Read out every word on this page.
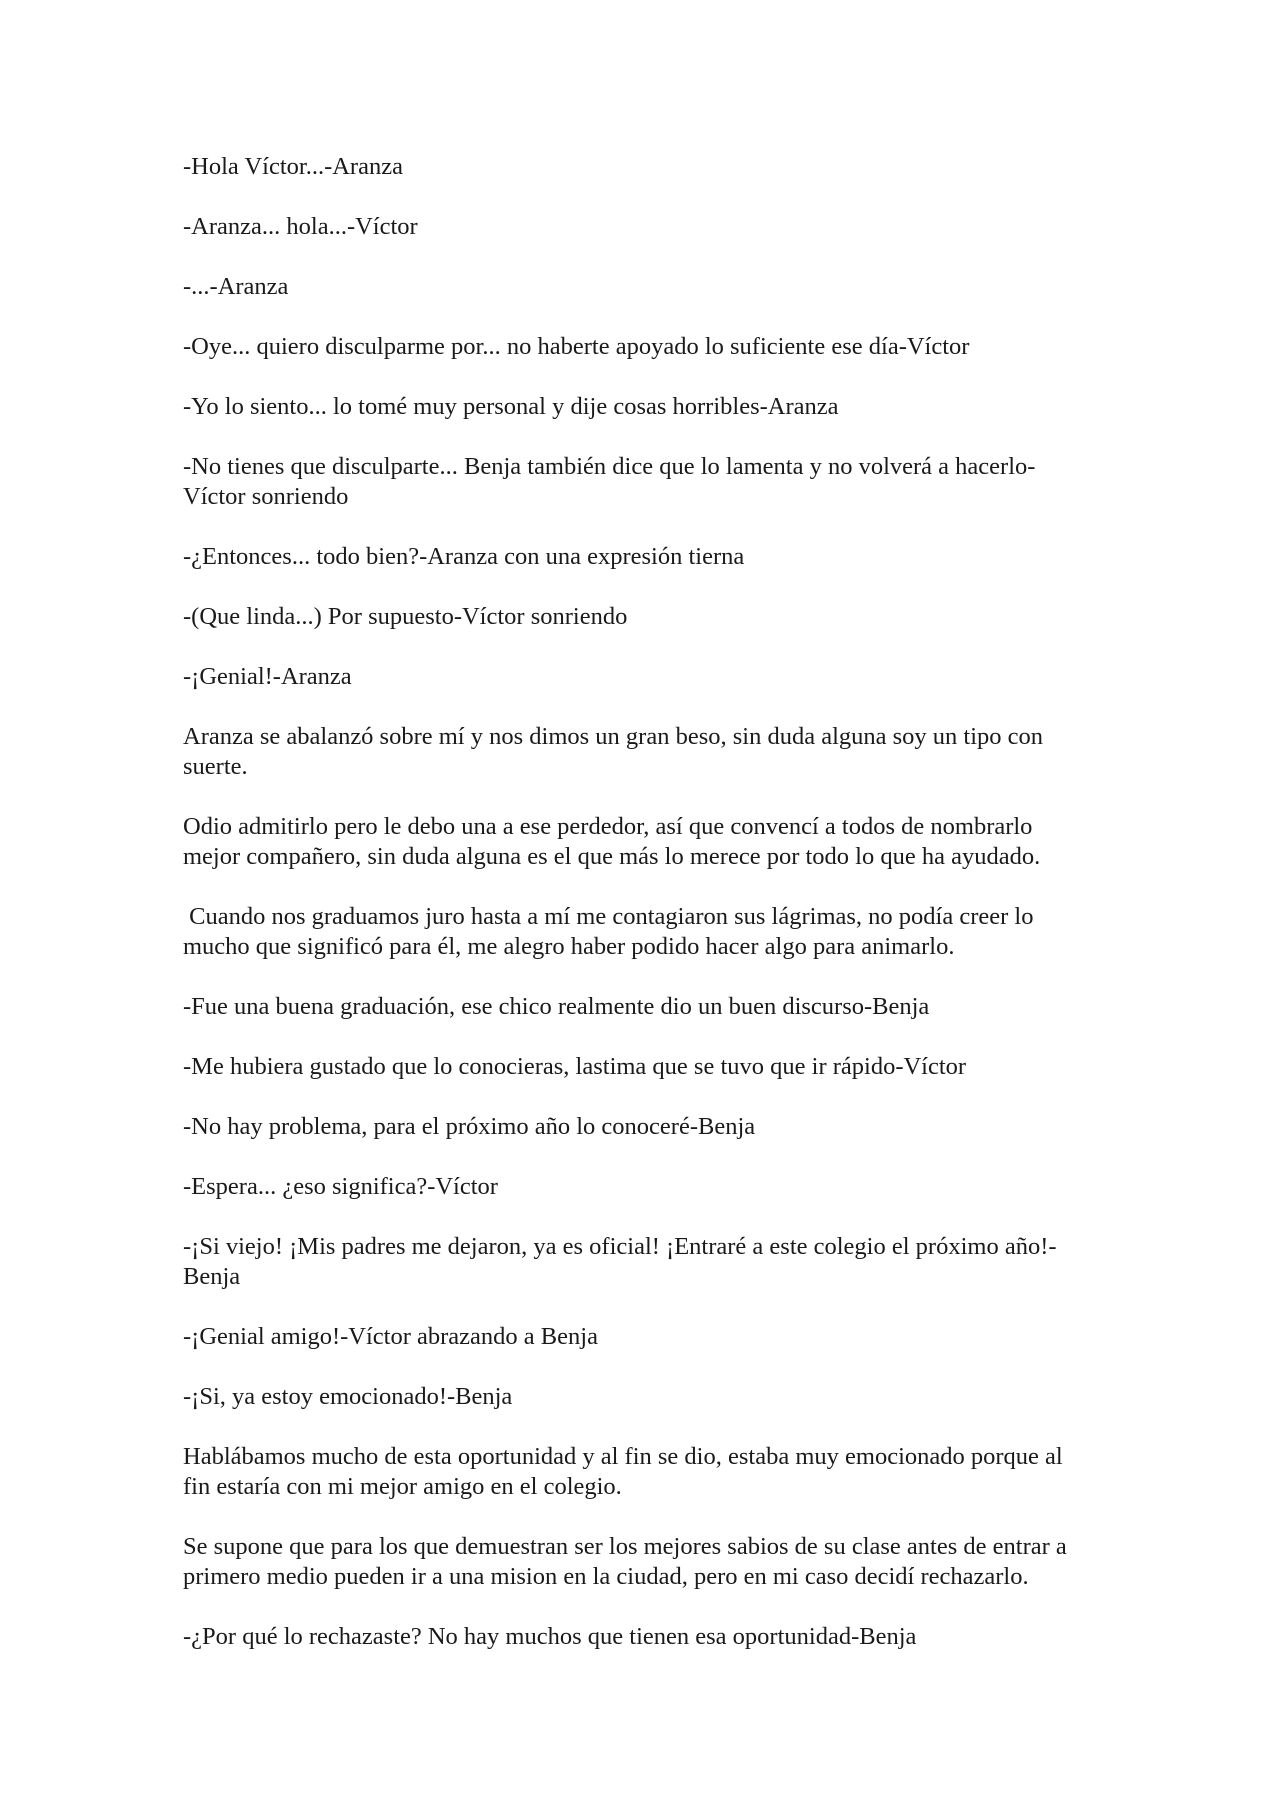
-Hola Víctor...-Aranza

-Aranza... hola...-Víctor

-...-Aranza

-Oye... quiero disculparme por... no haberte apoyado lo suficiente ese día-Víctor

-Yo lo siento... lo tomé muy personal y dije cosas horribles-Aranza

-No tienes que disculparte... Benja también dice que lo lamenta y no volverá a hacerlo-Víctor sonriendo

-¿Entonces... todo bien?-Aranza con una expresión tierna

-(Que linda...) Por supuesto-Víctor sonriendo

-¡Genial!-Aranza

Aranza se abalanzó sobre mí y nos dimos un gran beso, sin duda alguna soy un tipo con suerte.

Odio admitirlo pero le debo una a ese perdedor, así que convencí a todos de nombrarlo mejor compañero, sin duda alguna es el que más lo merece por todo lo que ha ayudado.

Cuando nos graduamos juro hasta a mí me contagiaron sus lágrimas, no podía creer lo mucho que significó para él, me alegro haber podido hacer algo para animarlo.

-Fue una buena graduación, ese chico realmente dio un buen discurso-Benja

-Me hubiera gustado que lo conocieras, lastima que se tuvo que ir rápido-Víctor

-No hay problema, para el próximo año lo conoceré-Benja

-Espera... ¿eso significa?-Víctor

-¡Si viejo! ¡Mis padres me dejaron, ya es oficial! ¡Entraré a este colegio el próximo año!-Benja

-¡Genial amigo!-Víctor abrazando a Benja

-¡Si, ya estoy emocionado!-Benja

Hablábamos mucho de esta oportunidad y al fin se dio, estaba muy emocionado porque al fin estaría con mi mejor amigo en el colegio.

Se supone que para los que demuestran ser los mejores sabios de su clase antes de entrar a primero medio pueden ir a una mision en la ciudad, pero en mi caso decidí rechazarlo.

-¿Por qué lo rechazaste? No hay muchos que tienen esa oportunidad-Benja
